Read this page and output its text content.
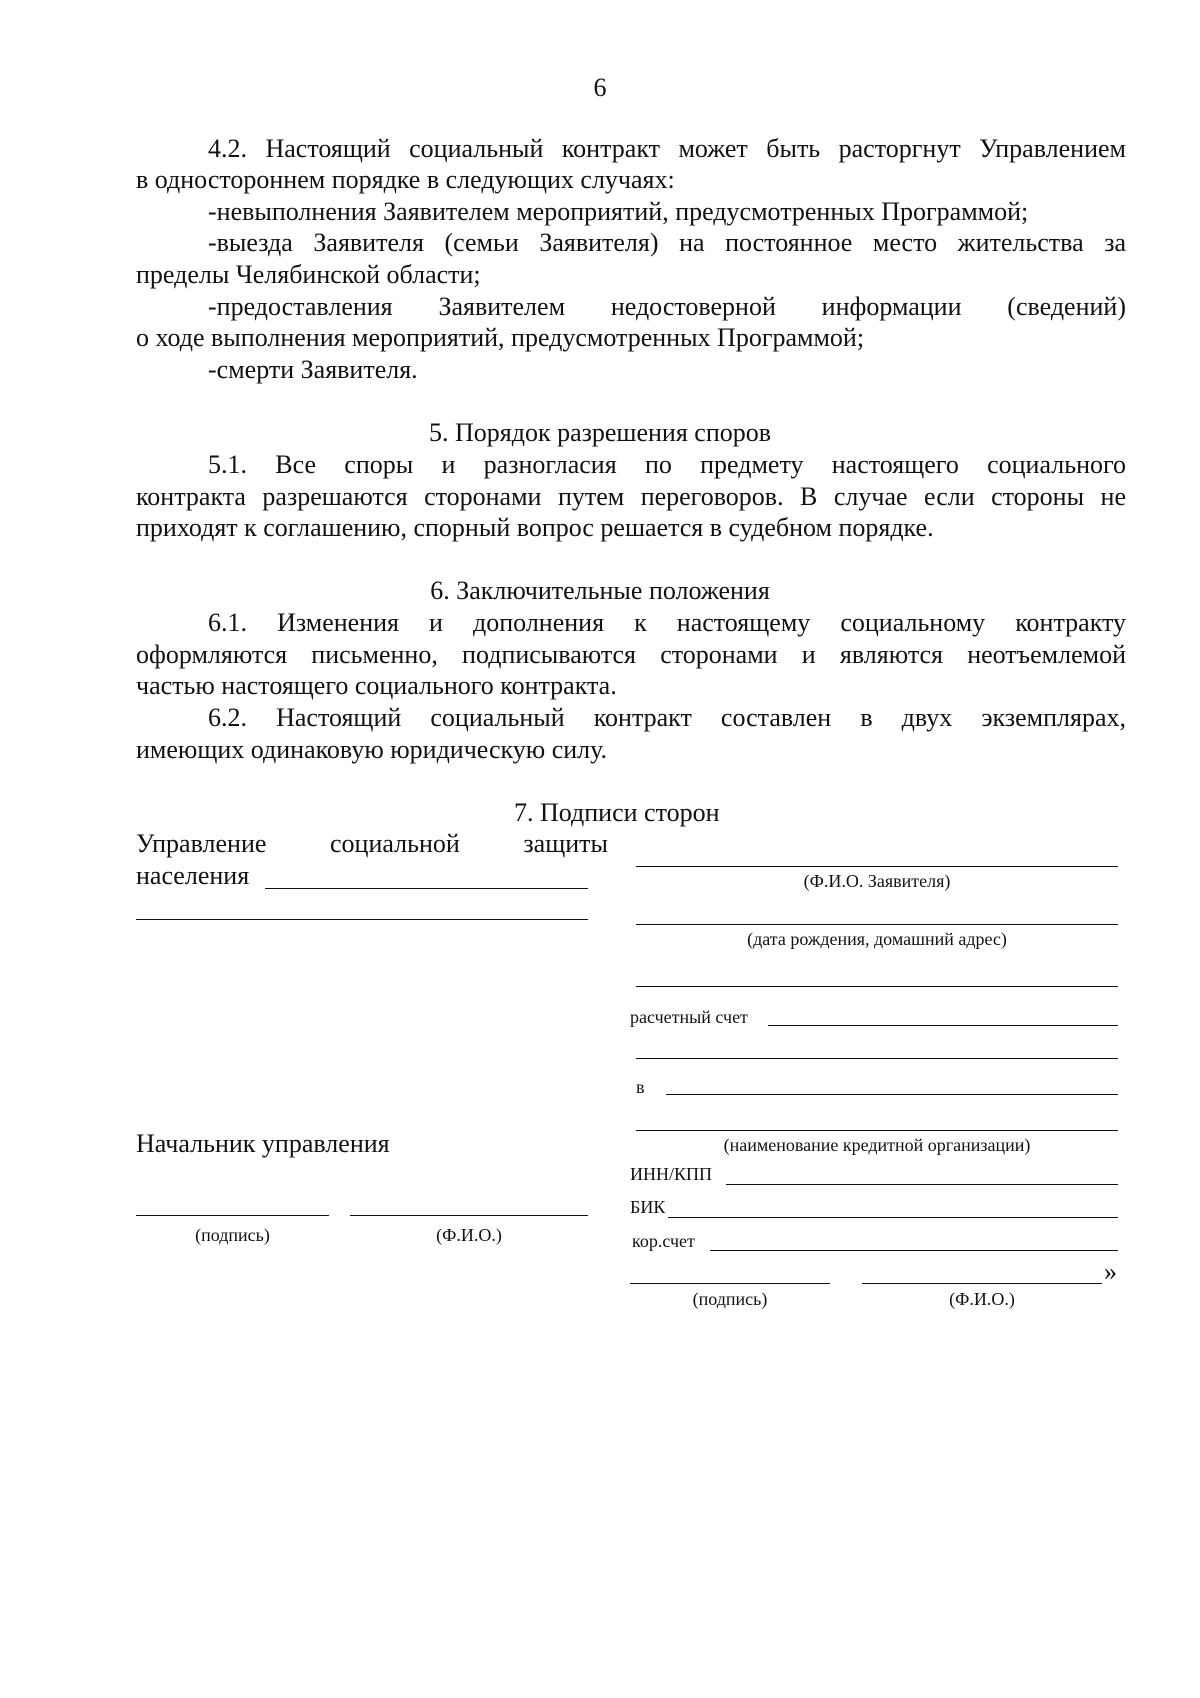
6
4.2. Настоящий социальный контракт может быть расторгнут Управлением
в одностороннем порядке в следующих случаях:
-невыполнения Заявителем мероприятий, предусмотренных Программой;
-выезда Заявителя (семьи Заявителя) на постоянное место жительства за
пределы Челябинской области;
-предоставления Заявителем недостоверной информации (сведений)
о ходе выполнения мероприятий, предусмотренных Программой;
-смерти Заявителя.
5. Порядок разрешения споров
5.1. Все споры и разногласия по предмету настоящего социального
контракта разрешаются сторонами путем переговоров. В случае если стороны не
приходят к соглашению, спорный вопрос решается в судебном порядке.
6. Заключительные положения
6.1. Изменения и дополнения к настоящему социальному контракту
оформляются письменно, подписываются сторонами и являются неотъемлемой
частью настоящего социального контракта.
6.2. Настоящий социальный контракт составлен в двух экземплярах,
имеющих одинаковую юридическую силу.
7. Подписи сторон
Управление социальной защиты
населения
Начальник управления
(подпись)	(Ф.И.О.)
(Ф.И.О. Заявителя)
(дата рождения, домашний адрес)
расчетный счет
в
(наименование кредитной организации)
ИНН/КПП
БИК
кор.счет
»
(подпись)	(Ф.И.О.)
